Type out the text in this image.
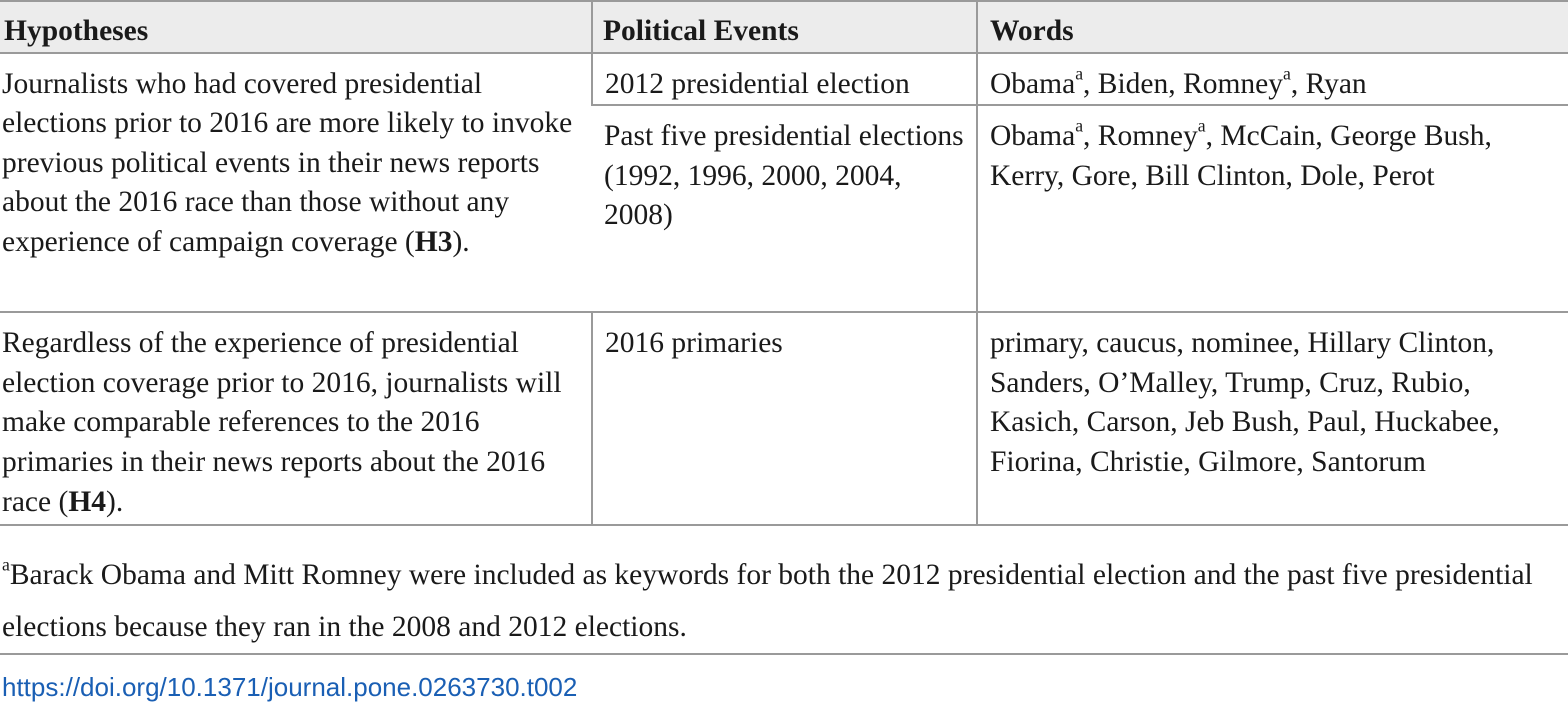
Hypotheses	Political Events	Words
Journalists who had covered presidential elections prior to 2016 are more likely to invoke previous political events in their news reports about the 2016 race than those without any experience of campaign coverage (H3).	2012 presidential election	Obama$^a$, Biden, Romney$^a$, Ryan
	Past five presidential elections (1992, 1996, 2000, 2004, 2008)	Obama$^a$, Romney$^a$, McCain, George Bush, Kerry, Gore, Bill Clinton, Dole, Perot
Regardless of the experience of presidential election coverage prior to 2016, journalists will make comparable references to the 2016 primaries in their news reports about the 2016 race (H4).	2016 primaries	primary, caucus, nominee, Hillary Clinton, Sanders, O’Malley, Trump, Cruz, Rubio, Kasich, Carson, Jeb Bush, Paul, Huckabee, Fiorina, Christie, Gilmore, Santorum
$^a$Barack Obama and Mitt Romney were included as keywords for both the 2012 presidential election and the past five presidential elections because they ran in the 2008 and 2012 elections.
https://doi.org/10.1371/journal.pone.0263730.t002
